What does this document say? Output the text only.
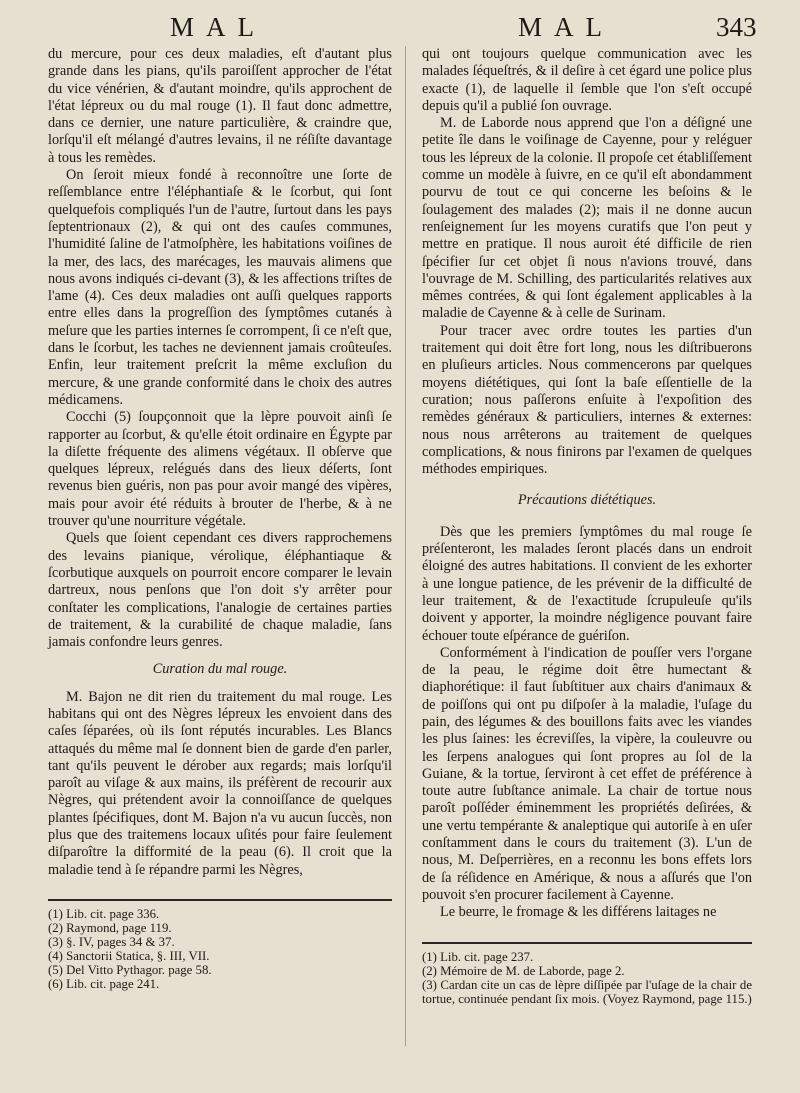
MAL	MAL	343

du mercure, pour ces deux maladies, eſt d'autant plus grande dans les pians, qu'ils paroiſſent approcher de l'état du vice vénérien, & d'autant moindre, qu'ils approchent de l'état lépreux ou du mal rouge (1). Il faut donc admettre, dans ce dernier, une nature particulière, & craindre que, lorſqu'il eſt mélangé d'autres levains, il ne réſiſte davantage à tous les remèdes.

On ſeroit mieux fondé à reconnoître une ſorte de reſſemblance entre l'éléphantiaſe & le ſcorbut, qui ſont quelquefois compliqués l'un de l'autre, ſurtout dans les pays ſeptentrionaux (2), & qui ont des cauſes communes, l'humidité ſaline de l'atmoſphère, les habitations voiſines de la mer, des lacs, des marécages, les mauvais alimens que nous avons indiqués ci-devant (3), & les affections triſtes de l'ame (4). Ces deux maladies ont auſſi quelques rapports entre elles dans la progreſſion des ſymptômes cutanés à meſure que les parties internes ſe corrompent, ſi ce n'eſt que, dans le ſcorbut, les taches ne deviennent jamais croûteuſes. Enfin, leur traitement preſcrit la même excluſion du mercure, & une grande conformité dans le choix des autres médicamens.

Cocchi (5) ſoupçonnoit que la lèpre pouvoit ainſi ſe rapporter au ſcorbut, & qu'elle étoit ordinaire en Égypte par la diſette fréquente des alimens végétaux. Il obſerve que quelques lépreux, relégués dans des lieux déſerts, ſont revenus bien guéris, non pas pour avoir mangé des vipères, mais pour avoir été réduits à brouter de l'herbe, & à ne trouver qu'une nourriture végétale.

Quels que ſoient cependant ces divers rapprochemens des levains pianique, vérolique, éléphantiaque & ſcorbutique auxquels on pourroit encore comparer le levain dartreux, nous penſons que l'on doit s'y arrêter pour conſtater les complications, l'analogie de certaines parties de traitement, & la curabilité de chaque maladie, ſans jamais confondre leurs genres.

Curation du mal rouge.

M. Bajon ne dit rien du traitement du mal rouge. Les habitans qui ont des Nègres lépreux les envoient dans des caſes ſéparées, où ils ſont réputés incurables. Les Blancs attaqués du même mal ſe donnent bien de garde d'en parler, tant qu'ils peuvent le dérober aux regards; mais lorſqu'il paroît au viſage & aux mains, ils préfèrent de recourir aux Nègres, qui prétendent avoir la connoiſſance de quelques plantes ſpécifiques, dont M. Bajon n'a vu aucun ſuccès, non plus que des traitemens locaux uſités pour faire ſeulement diſparoître la difformité de la peau (6). Il croit que la maladie tend à ſe répandre parmi les Nègres,

(1) Lib. cit. page 336.
(2) Raymond, page 119.
(3) §. IV, pages 34 & 37.
(4) Sanctorii Statica, §. III, VII.
(5) Del Vitto Pythagor. page 58.
(6) Lib. cit. page 241.

qui ont toujours quelque communication avec les malades ſéqueſtrés, & il deſire à cet égard une police plus exacte (1), de laquelle il ſemble que l'on s'eſt occupé depuis qu'il a publié ſon ouvrage.

M. de Laborde nous apprend que l'on a déſigné une petite île dans le voiſinage de Cayenne, pour y reléguer tous les lépreux de la colonie. Il propoſe cet établiſſement comme un modèle à ſuivre, en ce qu'il eſt abondamment pourvu de tout ce qui concerne les beſoins & le ſoulagement des malades (2); mais il ne donne aucun renſeignement ſur les moyens curatifs que l'on peut y mettre en pratique. Il nous auroit été difficile de rien ſpécifier ſur cet objet ſi nous n'avions trouvé, dans l'ouvrage de M. Schilling, des particularités relatives aux mêmes contrées, & qui ſont également applicables à la maladie de Cayenne & à celle de Surinam.

Pour tracer avec ordre toutes les parties d'un traitement qui doit être fort long, nous les diſtribuerons en pluſieurs articles. Nous commencerons par quelques moyens diététiques, qui ſont la baſe eſſentielle de la curation; nous paſſerons enſuite à l'expoſition des remèdes généraux & particuliers, internes & externes: nous nous arrêterons au traitement de quelques complications, & nous finirons par l'examen de quelques méthodes empiriques.

Précautions diététiques.

Dès que les premiers ſymptômes du mal rouge ſe préſenteront, les malades ſeront placés dans un endroit éloigné des autres habitations. Il convient de les exhorter à une longue patience, de les prévenir de la difficulté de leur traitement, & de l'exactitude ſcrupuleuſe qu'ils doivent y apporter, la moindre négligence pouvant faire échouer toute eſpérance de guériſon.

Conformément à l'indication de pouſſer vers l'organe de la peau, le régime doit être humectant & diaphorétique: il faut ſubſtituer aux chairs d'animaux & de poiſſons qui ont pu diſpoſer à la maladie, l'uſage du pain, des légumes & des bouillons faits avec les viandes les plus ſaines: les écreviſſes, la vipère, la couleuvre ou les ſerpens analogues qui ſont propres au ſol de la Guiane, & la tortue, ſerviront à cet effet de préférence à toute autre ſubſtance animale. La chair de tortue nous paroît poſſéder éminemment les propriétés deſirées, & une vertu tempérante & analeptique qui autoriſe à en uſer conſtamment dans le cours du traitement (3). L'un de nous, M. Deſperrières, en a reconnu les bons effets lors de ſa réſidence en Amérique, & nous a aſſurés que l'on pouvoit s'en procurer facilement à Cayenne.

Le beurre, le fromage & les différens laitages ne

(1) Lib. cit. page 237.
(2) Mémoire de M. de Laborde, page 2.
(3) Cardan cite un cas de lèpre diſſipée par l'uſage de la chair de tortue, continuée pendant ſix mois. (Voyez Raymond, page 115.)
